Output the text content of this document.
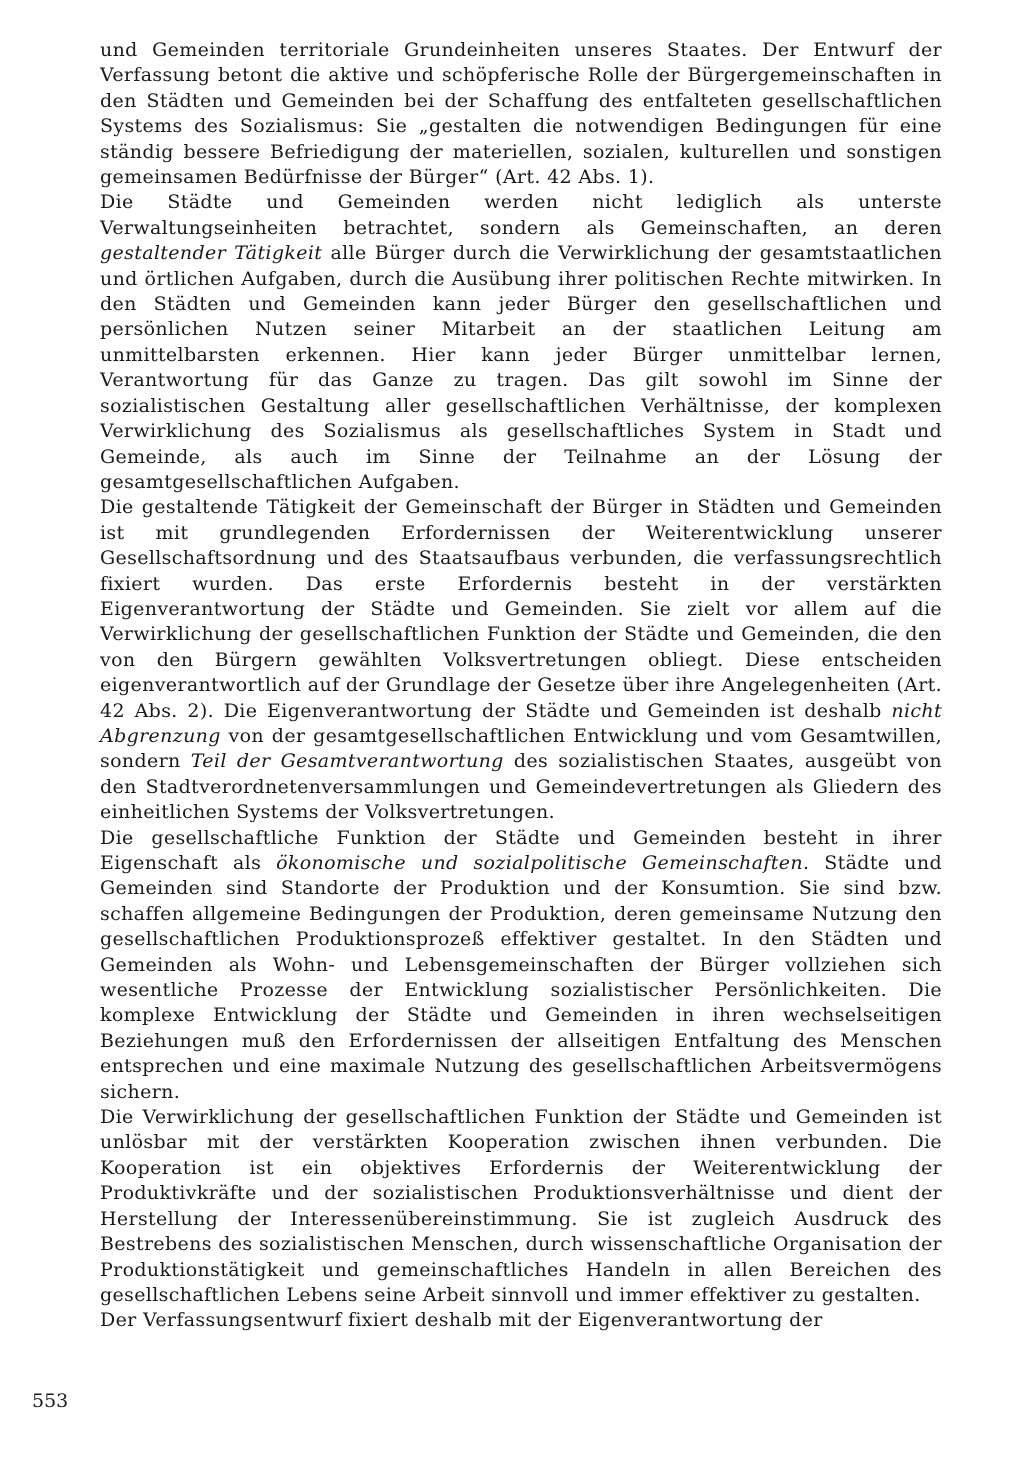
553

und Gemeinden territoriale Grundeinheiten unseres Staates. Der Entwurf der Verfassung betont die aktive und schöpferische Rolle der Bürgergemeinschaften in den Städten und Gemeinden bei der Schaffung des entfalteten gesellschaftlichen Systems des Sozialismus: Sie „gestalten die notwendigen Bedingungen für eine ständig bessere Befriedigung der materiellen, sozialen, kulturellen und sonstigen gemeinsamen Bedürfnisse der Bürger“ (Art. 42 Abs. 1).

Die Städte und Gemeinden werden nicht lediglich als unterste Verwaltungseinheiten betrachtet, sondern als Gemeinschaften, an deren gestaltender Tätigkeit alle Bürger durch die Verwirklichung der gesamtstaatlichen und örtlichen Aufgaben, durch die Ausübung ihrer politischen Rechte mitwirken. In den Städten und Gemeinden kann jeder Bürger den gesellschaftlichen und persönlichen Nutzen seiner Mitarbeit an der staatlichen Leitung am unmittelbarsten erkennen. Hier kann jeder Bürger unmittelbar lernen, Verantwortung für das Ganze zu tragen. Das gilt sowohl im Sinne der sozialistischen Gestaltung aller gesellschaftlichen Verhältnisse, der komplexen Verwirklichung des Sozialismus als gesellschaftliches System in Stadt und Gemeinde, als auch im Sinne der Teilnahme an der Lösung der gesamtgesellschaftlichen Aufgaben.

Die gestaltende Tätigkeit der Gemeinschaft der Bürger in Städten und Gemeinden ist mit grundlegenden Erfordernissen der Weiterentwicklung unserer Gesellschaftsordnung und des Staatsaufbaus verbunden, die verfassungsrechtlich fixiert wurden. Das erste Erfordernis besteht in der verstärkten Eigenverantwortung der Städte und Gemeinden. Sie zielt vor allem auf die Verwirklichung der gesellschaftlichen Funktion der Städte und Gemeinden, die den von den Bürgern gewählten Volksvertretungen obliegt. Diese entscheiden eigenverantwortlich auf der Grundlage der Gesetze über ihre Angelegenheiten (Art. 42 Abs. 2). Die Eigenverantwortung der Städte und Gemeinden ist deshalb nicht Abgrenzung von der gesamtgesellschaftlichen Entwicklung und vom Gesamtwillen, sondern Teil der Gesamtverantwortung des sozialistischen Staates, ausgeübt von den Stadtverordnetenversammlungen und Gemeindevertretungen als Gliedern des einheitlichen Systems der Volksvertretungen.

Die gesellschaftliche Funktion der Städte und Gemeinden besteht in ihrer Eigenschaft als ökonomische und sozialpolitische Gemeinschaften. Städte und Gemeinden sind Standorte der Produktion und der Konsumtion. Sie sind bzw. schaffen allgemeine Bedingungen der Produktion, deren gemeinsame Nutzung den gesellschaftlichen Produktionsprozeß effektiver gestaltet. In den Städten und Gemeinden als Wohn- und Lebensgemeinschaften der Bürger vollziehen sich wesentliche Prozesse der Entwicklung sozialistischer Persönlichkeiten. Die komplexe Entwicklung der Städte und Gemeinden in ihren wechselseitigen Beziehungen muß den Erfordernissen der allseitigen Entfaltung des Menschen entsprechen und eine maximale Nutzung des gesellschaftlichen Arbeitsvermögens sichern.

Die Verwirklichung der gesellschaftlichen Funktion der Städte und Gemeinden ist unlösbar mit der verstärkten Kooperation zwischen ihnen verbunden. Die Kooperation ist ein objektives Erfordernis der Weiterentwicklung der Produktivkräfte und der sozialistischen Produktionsverhältnisse und dient der Herstellung der Interessenübereinstimmung. Sie ist zugleich Ausdruck des Bestrebens des sozialistischen Menschen, durch wissenschaftliche Organisation der Produktionstätigkeit und gemeinschaftliches Handeln in allen Bereichen des gesellschaftlichen Lebens seine Arbeit sinnvoll und immer effektiver zu gestalten.

Der Verfassungsentwurf fixiert deshalb mit der Eigenverantwortung der
